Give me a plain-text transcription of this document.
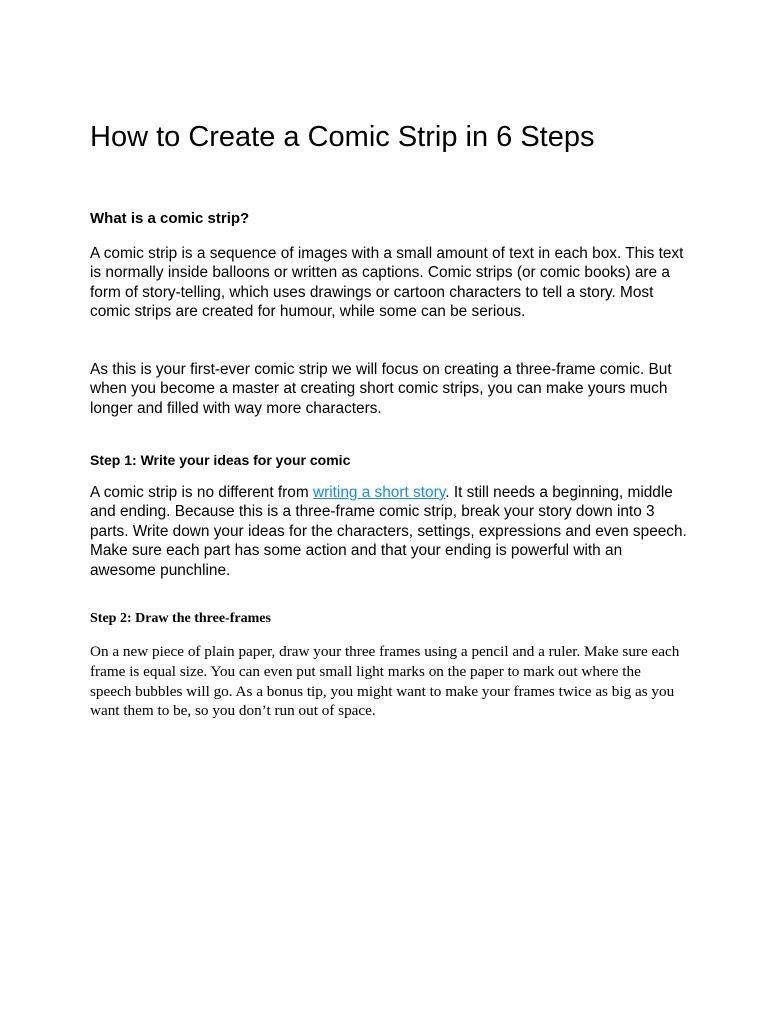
How to Create a Comic Strip in 6 Steps
What is a comic strip?

A comic strip is a sequence of images with a small amount of text in each box. This text is normally inside balloons or written as captions. Comic strips (or comic books) are a form of story-telling, which uses drawings or cartoon characters to tell a story. Most comic strips are created for humour, while some can be serious.

As this is your first-ever comic strip we will focus on creating a three-frame comic. But when you become a master at creating short comic strips, you can make yours much longer and filled with way more characters.

Step 1: Write your ideas for your comic

A comic strip is no different from writing a short story. It still needs a beginning, middle and ending. Because this is a three-frame comic strip, break your story down into 3 parts. Write down your ideas for the characters, settings, expressions and even speech. Make sure each part has some action and that your ending is powerful with an awesome punchline.

Step 2: Draw the three-frames

On a new piece of plain paper, draw your three frames using a pencil and a ruler. Make sure each frame is equal size. You can even put small light marks on the paper to mark out where the speech bubbles will go. As a bonus tip, you might want to make your frames twice as big as you want them to be, so you don’t run out of space.
